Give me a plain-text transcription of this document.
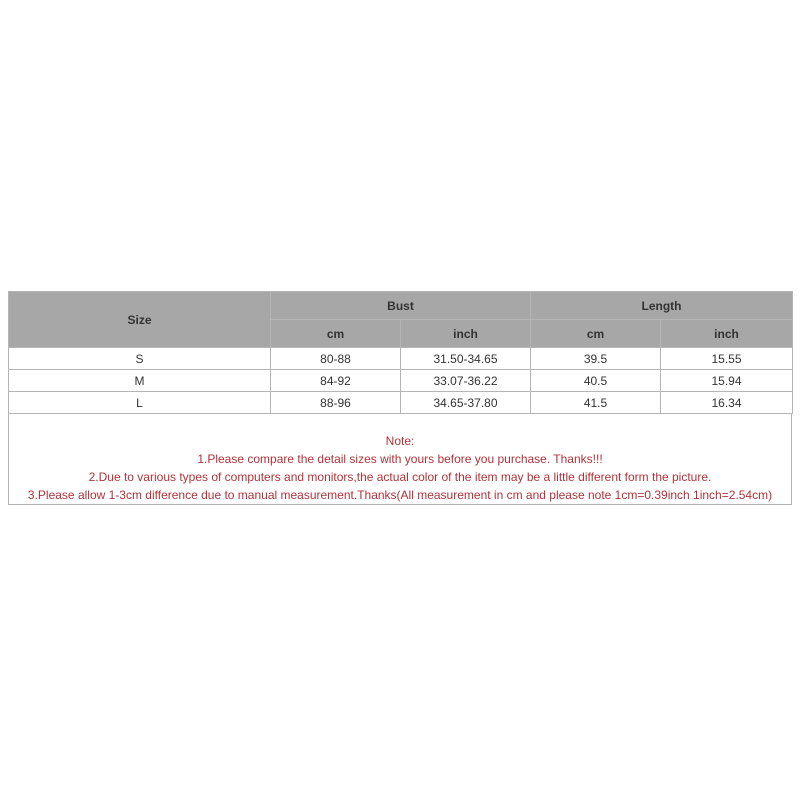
Size	Bust		Length	
	cm	inch	cm	inch
S	80-88	31.50-34.65	39.5	15.55
M	84-92	33.07-36.22	40.5	15.94
L	88-96	34.65-37.80	41.5	16.34
Note:
1.Please compare the detail sizes with yours before you purchase. Thanks!!!
2.Due to various types of computers and monitors,the actual color of the item may be a little different form the picture.
3.Please allow 1-3cm difference due to manual measurement.Thanks(All measurement in cm and please note 1cm=0.39inch 1inch=2.54cm)
